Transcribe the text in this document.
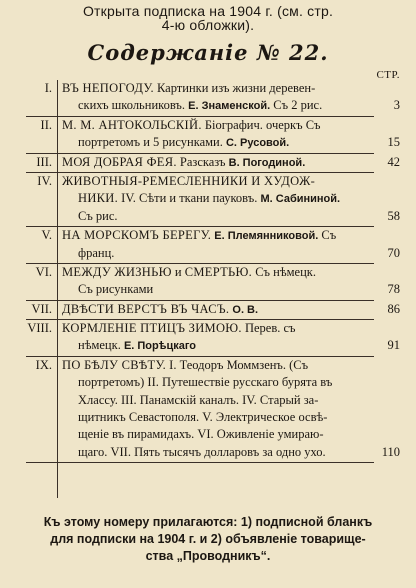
Открыта подписка на 1904 г. (см. стр.
4-ю обложки).
Содержаніе № 22.
СТР.
I. ВЪ НЕПОГОДУ. Картинки изъ жизни деревен-
скихъ школьниковъ. Е. Знаменской. Съ 2 рис.	3
II. М. М. АНТОКОЛЬСКІЙ. Біографич. очеркъ Съ
портретомъ и 5 рисунками. С. Русовой.	15
III. МОЯ ДОБРАЯ ФЕЯ. Разсказъ В. Погодиной.	42
IV. ЖИВОТНЫЯ-РЕМЕСЛЕННИКИ И ХУДОЖ-
НИКИ. IV. Сѣти и ткани пауковъ. М. Сабининой.
Съ рис.	58
V. НА МОРСКОМЪ БЕРЕГУ. Е. Племянниковой. Съ
франц.	70
VI. МЕЖДУ ЖИЗНЬЮ и СМЕРТЬЮ. Съ нѣмецк.
Съ рисунками	78
VII. ДВѢСТИ ВЕРСТЪ ВЪ ЧАСЪ. О. В.	86
VIII. КОРМЛЕНІЕ ПТИЦЪ ЗИМОЮ. Перев. съ
нѣмецк. Е. Порѣцкаго	91
IX. ПО БѢЛУ СВѢТУ. I. Теодоръ Моммзенъ. (Съ
портретомъ) II. Путешествіе русскаго бурята въ
Хлассу. III. Панамскій каналъ. IV. Старый за-
щитникъ Севастополя. V. Электрическое освѣ-
щеніе въ пирамидахъ. VI. Оживленіе умираю-
щаго. VII. Пять тысячъ долларовъ за одно ухо.	110
Къ этому номеру прилагаются: 1) подписной бланкъ
для подписки на 1904 г. и 2) объявленіе товарище-
ства „Проводникъ“.
